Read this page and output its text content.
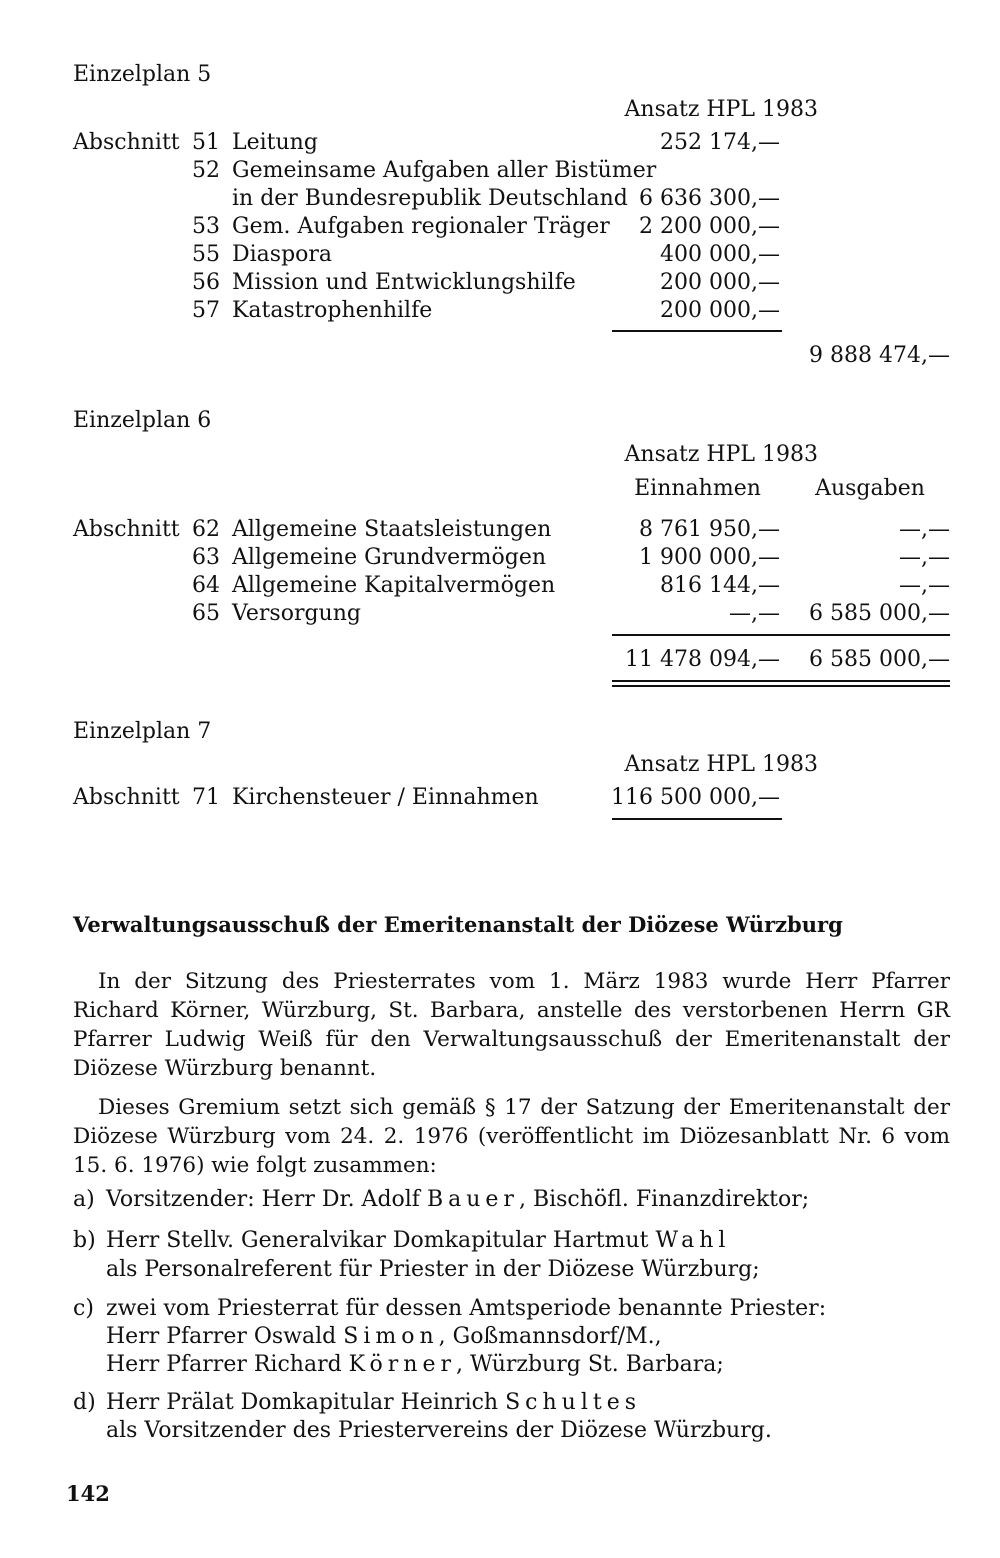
Einzelplan 5
Ansatz HPL 1983
Abschnitt 51 Leitung	252 174,—
52 Gemeinsame Aufgaben aller Bistümer
in der Bundesrepublik Deutschland 6 636 300,—
53 Gem. Aufgaben regionaler Träger	2 200 000,—
55 Diaspora	400 000,—
56 Mission und Entwicklungshilfe	200 000,—
57 Katastrophenhilfe	200 000,—
9 888 474,—
Einzelplan 6
Ansatz HPL 1983
Einnahmen	Ausgaben
Abschnitt 62 Allgemeine Staatsleistungen	8 761 950,—	—,—
63 Allgemeine Grundvermögen	1 900 000,—	—,—
64 Allgemeine Kapitalvermögen	816 144,—	—,—
65 Versorgung	—,—	6 585 000,—
11 478 094,—	6 585 000,—
Einzelplan 7
Ansatz HPL 1983
Abschnitt 71 Kirchensteuer / Einnahmen	116 500 000,—
Verwaltungsausschuß der Emeritenanstalt der Diözese Würzburg
In der Sitzung des Priesterrates vom 1. März 1983 wurde Herr Pfarrer Richard Körner, Würzburg, St. Barbara, anstelle des verstorbenen Herrn GR Pfarrer Ludwig Weiß für den Verwaltungsausschuß der Emeritenanstalt der Diözese Würzburg benannt.
Dieses Gremium setzt sich gemäß § 17 der Satzung der Emeritenanstalt der Diözese Würzburg vom 24. 2. 1976 (veröffentlicht im Diözesanblatt Nr. 6 vom 15. 6. 1976) wie folgt zusammen:
a) Vorsitzender: Herr Dr. Adolf Bauer, Bischöfl. Finanzdirektor;
b) Herr Stellv. Generalvikar Domkapitular Hartmut Wahl
als Personalreferent für Priester in der Diözese Würzburg;
c) zwei vom Priesterrat für dessen Amtsperiode benannte Priester:
Herr Pfarrer Oswald Simon, Goßmannsdorf/M.,
Herr Pfarrer Richard Körner, Würzburg St. Barbara;
d) Herr Prälat Domkapitular Heinrich Schultes
als Vorsitzender des Priestervereins der Diözese Würzburg.
142
